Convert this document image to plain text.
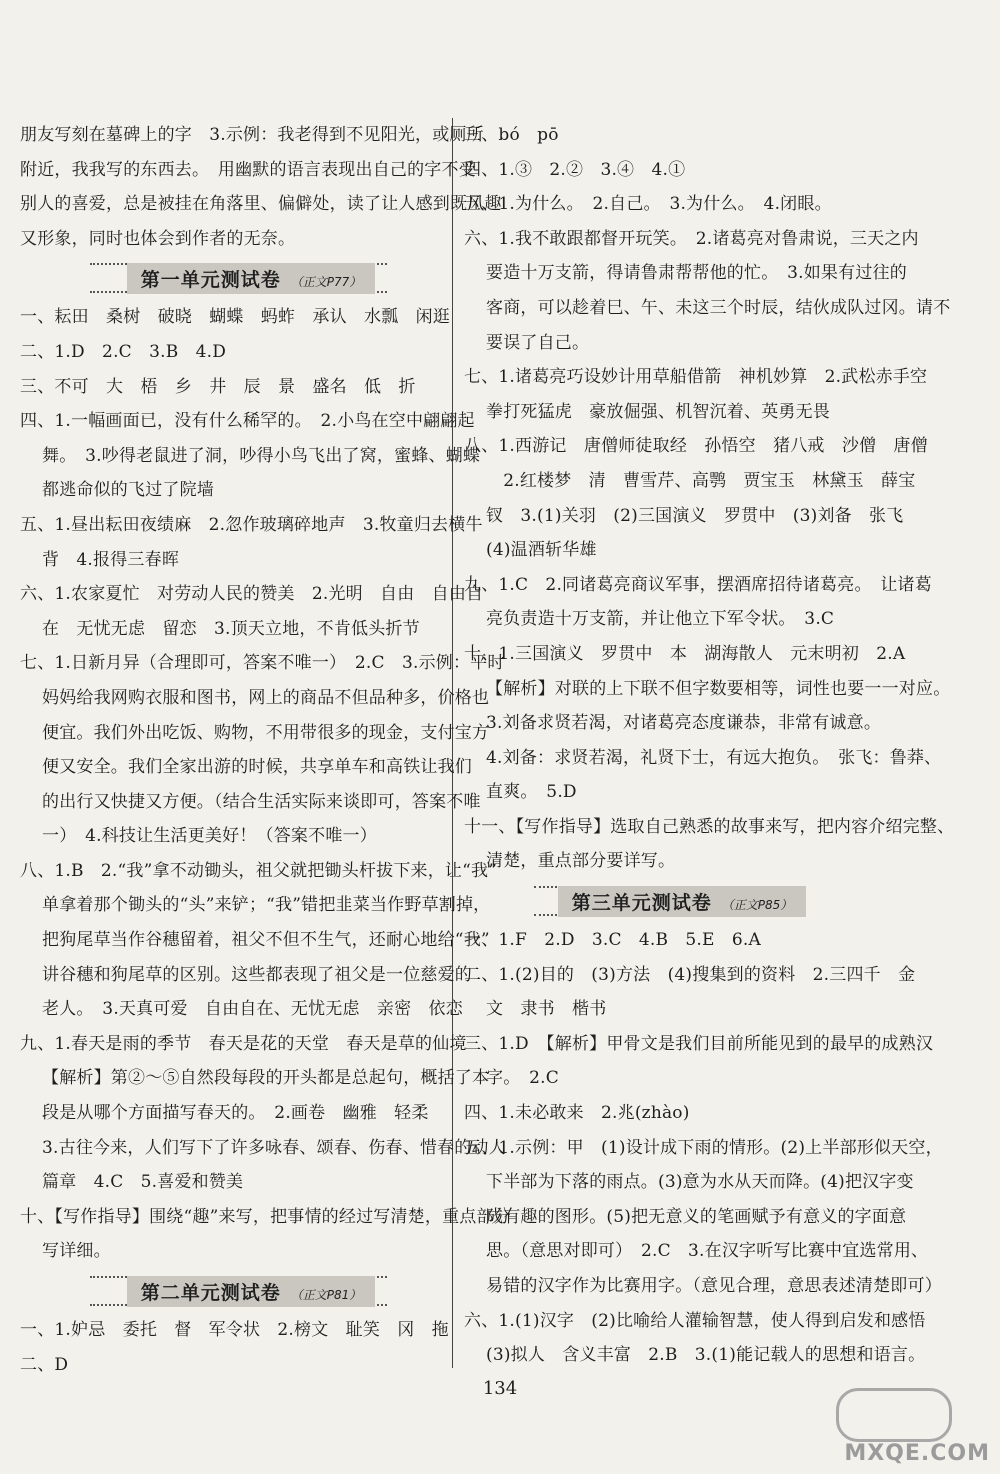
朋友写刻在墓碑上的字　3.示例：我老得到不见阳光，或厕所
附近，我我写的东西去。　用幽默的语言表现出自己的字不受
别人的喜爱，总是被挂在角落里、偏僻处，读了让人感到既风趣
又形象，同时也体会到作者的无奈。
第一单元测试卷 （正文P77）
一、耘田　桑树　破晓　蝴蝶　蚂蚱　承认　水瓢　闲逛
二、1.D　2.C　3.B　4.D
三、不可　大　梧　乡　井　辰　景　盛名　低　折
四、1.一幅画面已，没有什么稀罕的。　2.小鸟在空中翩翩起
舞。　3.吵得老鼠进了洞，吵得小鸟飞出了窝，蜜蜂、蝴蝶
都逃命似的飞过了院墙
五、1.昼出耘田夜绩麻　2.忽作玻璃碎地声　3.牧童归去横牛
背　4.报得三春晖
六、1.农家夏忙　对劳动人民的赞美　2.光明　自由　自由自
在　无忧无虑　留恋　3.顶天立地，不肯低头折节
七、1.日新月异（合理即可，答案不唯一）　2.C　3.示例：平时
妈妈给我网购衣服和图书，网上的商品不但品种多，价格也
便宜。我们外出吃饭、购物，不用带很多的现金，支付宝方
便又安全。我们全家出游的时候，共享单车和高铁让我们
的出行又快捷又方便。（结合生活实际来谈即可，答案不唯
一）　4.科技让生活更美好！（答案不唯一）
八、1.B　2.“我”拿不动锄头，祖父就把锄头杆拔下来，让“我”
单拿着那个锄头的“头”来铲；“我”错把韭菜当作野草割掉，
把狗尾草当作谷穗留着，祖父不但不生气，还耐心地给“我”
讲谷穗和狗尾草的区别。这些都表现了祖父是一位慈爱的
老人。　3.天真可爱　自由自在、无忧无虑　亲密　依恋
九、1.春天是雨的季节　春天是花的天堂　春天是草的仙境
【解析】第②～⑤自然段每段的开头都是总起句，概括了本
段是从哪个方面描写春天的。　2.画卷　幽雅　轻柔
3.古往今来，人们写下了许多咏春、颂春、伤春、惜春的动人
篇章　4.C　5.喜爱和赞美
十、【写作指导】围绕“趣”来写，把事情的经过写清楚，重点部分
写详细。
第二单元测试卷 （正文P81）
一、1.妒忌　委托　督　军令状　2.榜文　耻笑　冈　拖
二、D
三、bó　pō
四、1.③　2.②　3.④　4.①
五、1.为什么。　2.自己。　3.为什么。　4.闭眼。
六、1.我不敢跟都督开玩笑。　2.诸葛亮对鲁肃说，三天之内
要造十万支箭，得请鲁肃帮帮他的忙。　3.如果有过往的
客商，可以趁着巳、午、未这三个时辰，结伙成队过冈。请不
要误了自己。
七、1.诸葛亮巧设妙计用草船借箭　神机妙算　2.武松赤手空
拳打死猛虎　豪放倔强、机智沉着、英勇无畏
八、1.西游记　唐僧师徒取经　孙悟空　猪八戒　沙僧　唐僧
　2.红楼梦　清　曹雪芹、高鹗　贾宝玉　林黛玉　薛宝
钗　3.(1)关羽　(2)三国演义　罗贯中　(3)刘备　张飞
(4)温酒斩华雄
九、1.C　2.同诸葛亮商议军事，摆酒席招待诸葛亮。　让诸葛
亮负责造十万支箭，并让他立下军令状。　3.C
十、1.三国演义　罗贯中　本　湖海散人　元末明初　2.A
【解析】对联的上下联不但字数要相等，词性也要一一对应。
3.刘备求贤若渴，对诸葛亮态度谦恭，非常有诚意。
4.刘备：求贤若渴，礼贤下士，有远大抱负。　张飞：鲁莽、
直爽。　5.D
十一、【写作指导】选取自己熟悉的故事来写，把内容介绍完整、
清楚，重点部分要详写。
第三单元测试卷 （正文P85）
一、1.F　2.D　3.C　4.B　5.E　6.A
二、1.(2)目的　(3)方法　(4)搜集到的资料　2.三四千　金
文　隶书　楷书
三、1.D　【解析】甲骨文是我们目前所能见到的最早的成熟汉
字。　2.C
四、1.未必敢来　2.兆(zhào)
五、1.示例：甲　(1)设计成下雨的情形。(2)上半部形似天空，
下半部为下落的雨点。(3)意为水从天而降。(4)把汉字变
成有趣的图形。(5)把无意义的笔画赋予有意义的字面意
思。（意思对即可）　2.C　3.在汉字听写比赛中宜选常用、
易错的汉字作为比赛用字。（意见合理，意思表述清楚即可）
六、1.(1)汉字　(2)比喻给人灌输智慧，使人得到启发和感悟
(3)拟人　含义丰富　2.B　3.(1)能记载人的思想和语言。
134
MXQE.COM
